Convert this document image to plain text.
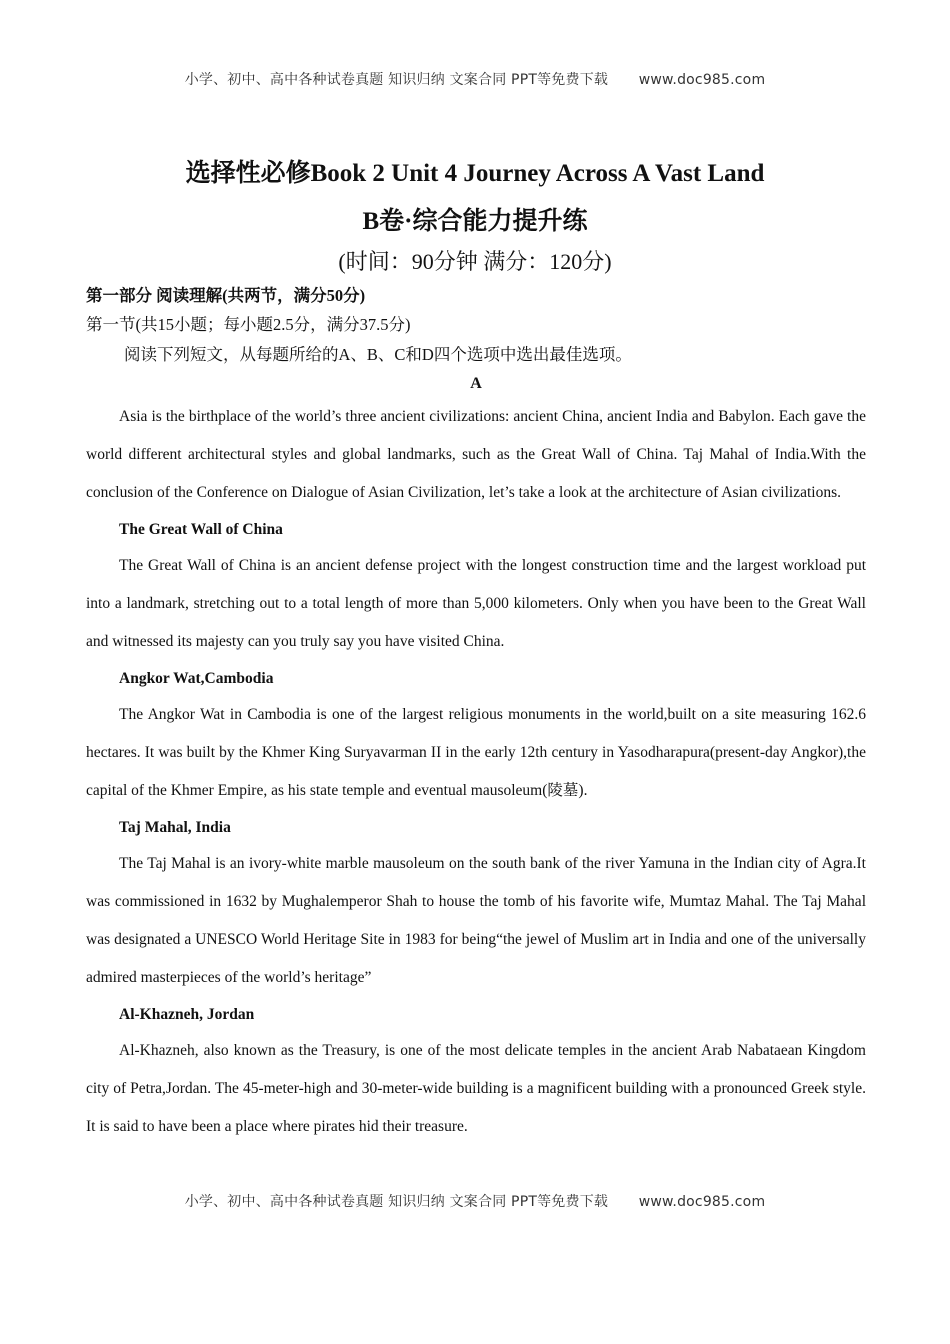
小学、初中、高中各种试卷真题 知识归纳 文案合同 PPT等免费下载 www.doc985.com
选择性必修Book 2 Unit 4 Journey Across A Vast Land
B卷·综合能力提升练
(时间：90分钟 满分：120分)
第一部分 阅读理解(共两节，满分50分)
第一节(共15小题；每小题2.5分，满分37.5分)
阅读下列短文，从每题所给的A、B、C和D四个选项中选出最佳选项。
A

Asia is the birthplace of the world’s three ancient civilizations: ancient China, ancient India and Babylon. Each gave the world different architectural styles and global landmarks, such as the Great Wall of China. Taj Mahal of India.With the conclusion of the Conference on Dialogue of Asian Civilization, let’s take a look at the architecture of Asian civilizations.

The Great Wall of China

The Great Wall of China is an ancient defense project with the longest construction time and the largest workload put into a landmark, stretching out to a total length of more than 5,000 kilometers. Only when you have been to the Great Wall and witnessed its majesty can you truly say you have visited China.

Angkor Wat,Cambodia

The Angkor Wat in Cambodia is one of the largest religious monuments in the world,built on a site measuring 162.6 hectares. It was built by the Khmer King Suryavarman II in the early 12th century in Yasodharapura(present-day Angkor),the capital of the Khmer Empire, as his state temple and eventual mausoleum(陵墓).

Taj Mahal, India

The Taj Mahal is an ivory-white marble mausoleum on the south bank of the river Yamuna in the Indian city of Agra.It was commissioned in 1632 by Mughalemperor Shah to house the tomb of his favorite wife, Mumtaz Mahal. The Taj Mahal was designated a UNESCO World Heritage Site in 1983 for being“the jewel of Muslim art in India and one of the universally admired masterpieces of the world’s heritage”

Al-Khazneh, Jordan

Al-Khazneh, also known as the Treasury, is one of the most delicate temples in the ancient Arab Nabataean Kingdom city of Petra,Jordan. The 45-meter-high and 30-meter-wide building is a magnificent building with a pronounced Greek style. It is said to have been a place where pirates hid their treasure.

小学、初中、高中各种试卷真题 知识归纳 文案合同 PPT等免费下载 www.doc985.com
